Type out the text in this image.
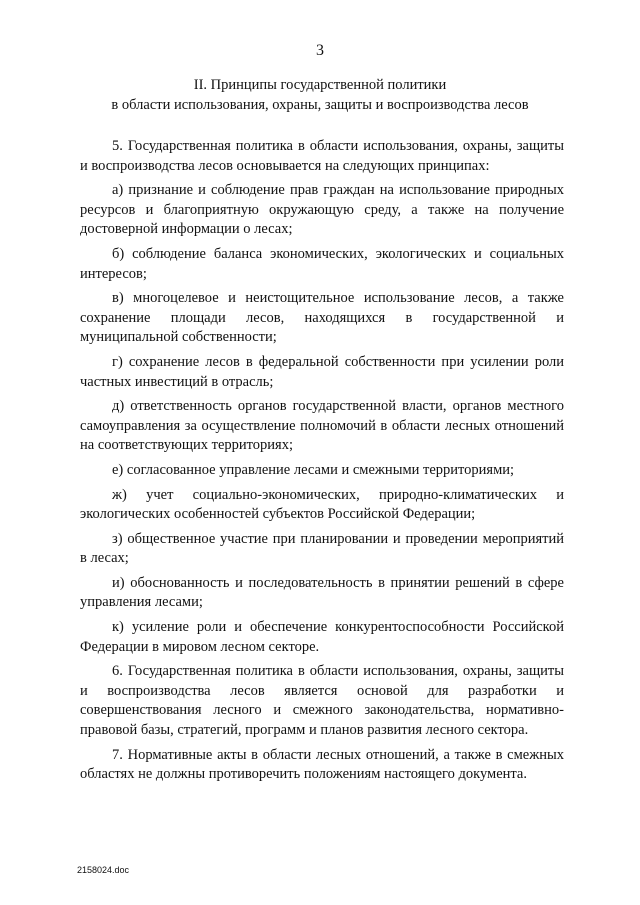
3
II. Принципы государственной политики
в области использования, охраны, защиты и воспроизводства лесов

5. Государственная политика в области использования, охраны, защиты и воспроизводства лесов основывается на следующих принципах:

а) признание и соблюдение прав граждан на использование природных ресурсов и благоприятную окружающую среду, а также на получение достоверной информации о лесах;

б) соблюдение баланса экономических, экологических и социальных интересов;

в) многоцелевое и неистощительное использование лесов, а также сохранение площади лесов, находящихся в государственной и муниципальной собственности;

г) сохранение лесов в федеральной собственности при усилении роли частных инвестиций в отрасль;

д) ответственность органов государственной власти, органов местного самоуправления за осуществление полномочий в области лесных отношений на соответствующих территориях;

е) согласованное управление лесами и смежными территориями;

ж) учет социально-экономических, природно-климатических и экологических особенностей субъектов Российской Федерации;

з) общественное участие при планировании и проведении мероприятий в лесах;

и) обоснованность и последовательность в принятии решений в сфере управления лесами;

к) усиление роли и обеспечение конкурентоспособности Российской Федерации в мировом лесном секторе.

6. Государственная политика в области использования, охраны, защиты и воспроизводства лесов является основой для разработки и совершенствования лесного и смежного законодательства, нормативно-правовой базы, стратегий, программ и планов развития лесного сектора.

7. Нормативные акты в области лесных отношений, а также в смежных областях не должны противоречить положениям настоящего документа.

2158024.doc
